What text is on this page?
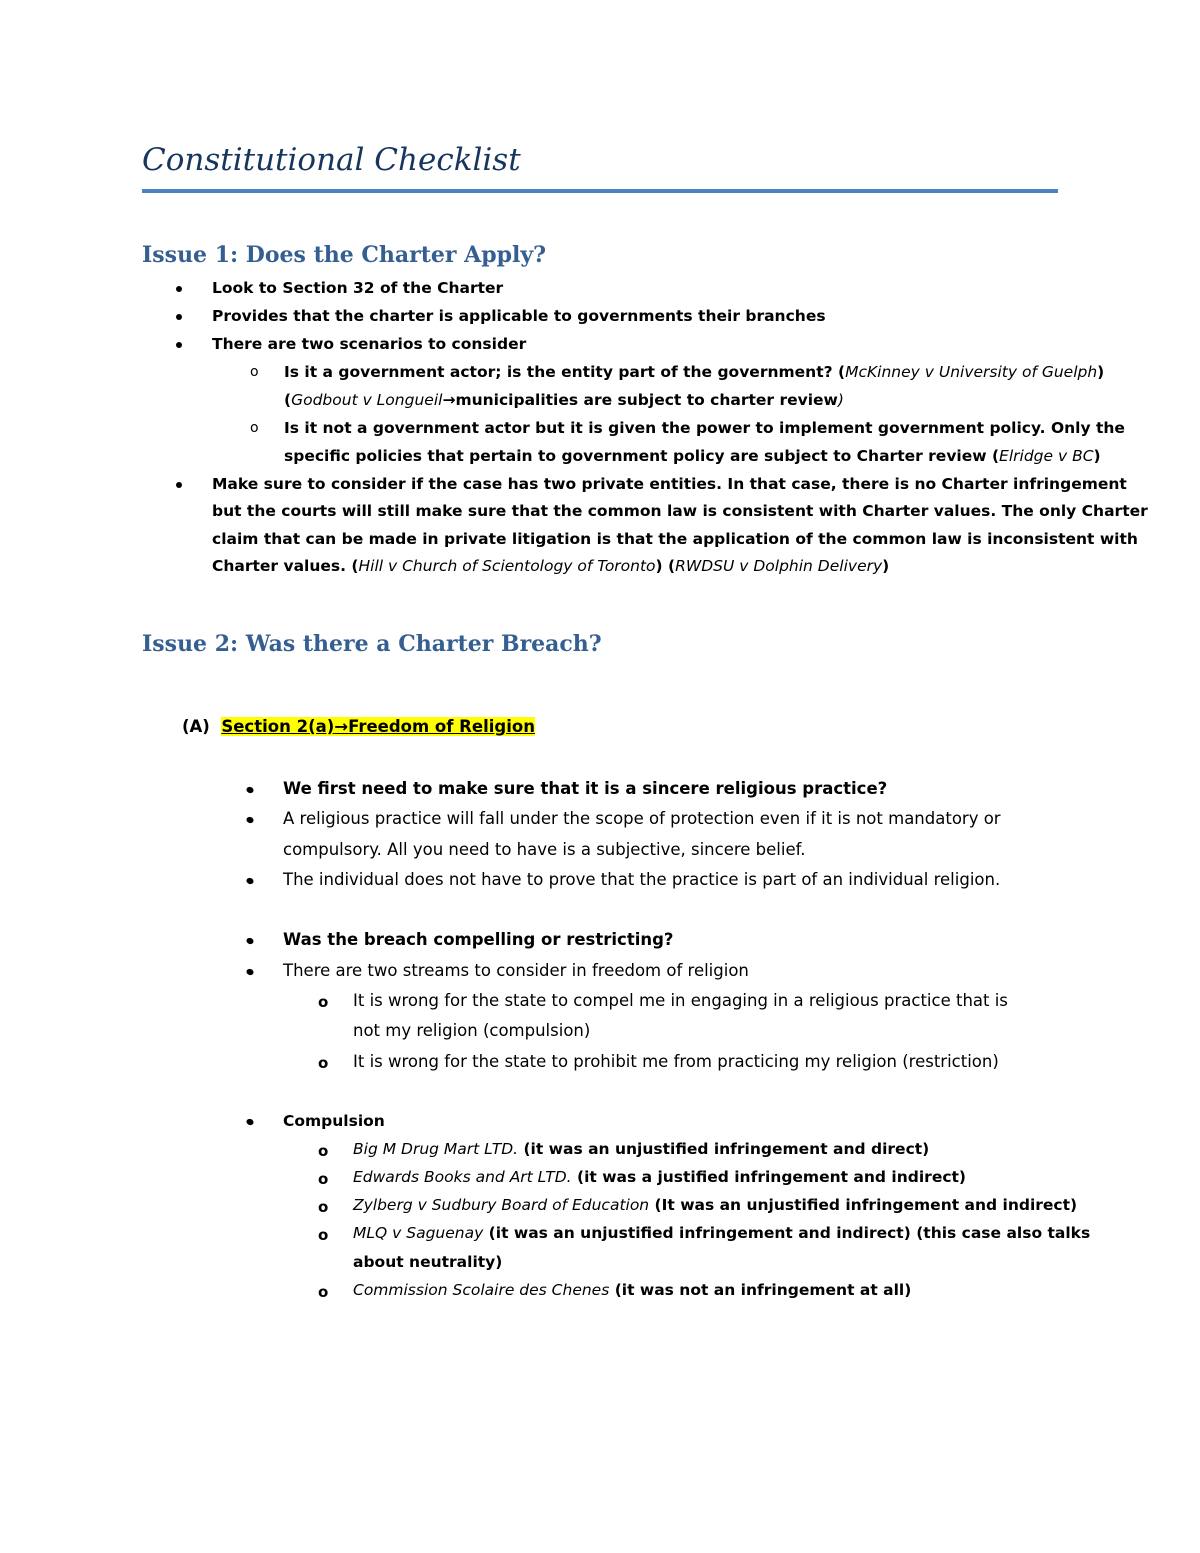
Constitutional Checklist
Issue 1: Does the Charter Apply?
Look to Section 32 of the Charter
Provides that the charter is applicable to governments their branches
There are two scenarios to consider
o Is it a government actor; is the entity part of the government? (McKinney v University of Guelph)
(Godbout v Longueil→municipalities are subject to charter review)
o Is it not a government actor but it is given the power to implement government policy. Only the
specific policies that pertain to government policy are subject to Charter review (Elridge v BC)
Make sure to consider if the case has two private entities. In that case, there is no Charter infringement
but the courts will still make sure that the common law is consistent with Charter values. The only Charter
claim that can be made in private litigation is that the application of the common law is inconsistent with
Charter values. (Hill v Church of Scientology of Toronto) (RWDSU v Dolphin Delivery)
Issue 2: Was there a Charter Breach?
(A) Section 2(a)→Freedom of Religion
We first need to make sure that it is a sincere religious practice?
A religious practice will fall under the scope of protection even if it is not mandatory or
compulsory. All you need to have is a subjective, sincere belief.
The individual does not have to prove that the practice is part of an individual religion.
Was the breach compelling or restricting?
There are two streams to consider in freedom of religion
o It is wrong for the state to compel me in engaging in a religious practice that is
not my religion (compulsion)
o It is wrong for the state to prohibit me from practicing my religion (restriction)
Compulsion
o Big M Drug Mart LTD. (it was an unjustified infringement and direct)
o Edwards Books and Art LTD. (it was a justified infringement and indirect)
o Zylberg v Sudbury Board of Education (It was an unjustified infringement and indirect)
o MLQ v Saguenay (it was an unjustified infringement and indirect) (this case also talks
about neutrality)
o Commission Scolaire des Chenes (it was not an infringement at all)
